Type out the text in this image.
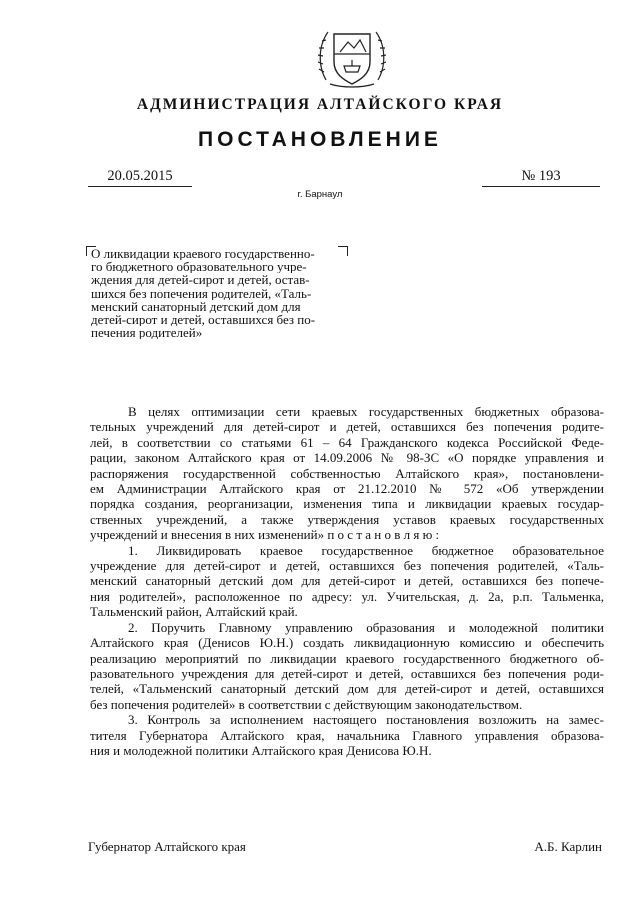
АДМИНИСТРАЦИЯ АЛТАЙСКОГО КРАЯ
ПОСТАНОВЛЕНИЕ
20.05.2015	№ 193
г. Барнаул
О ликвидации краевого государственно-
го бюджетного образовательного учре-
ждения для детей-сирот и детей, остав-
шихся без попечения родителей, «Таль-
менский санаторный детский дом для
детей-сирот и детей, оставшихся без по-
печения родителей»

В целях оптимизации сети краевых государственных бюджетных образова-
тельных учреждений для детей-сирот и детей, оставшихся без попечения родите-
лей, в соответствии со статьями 61 – 64 Гражданского кодекса Российской Феде-
рации, законом Алтайского края от 14.09.2006 № 98-ЗС «О порядке управления и
распоряжения государственной собственностью Алтайского края», постановлени-
ем Администрации Алтайского края от 21.12.2010 № 572 «Об утверждении
порядка создания, реорганизации, изменения типа и ликвидации краевых государ-
ственных учреждений, а также утверждения уставов краевых государственных
учреждений и внесения в них изменений» п о с т а н о в л я ю :

1. Ликвидировать краевое государственное бюджетное образовательное
учреждение для детей-сирот и детей, оставшихся без попечения родителей, «Таль-
менский санаторный детский дом для детей-сирот и детей, оставшихся без попече-
ния родителей», расположенное по адресу: ул. Учительская, д. 2а, р.п. Тальменка,
Тальменский район, Алтайский край.

2. Поручить Главному управлению образования и молодежной политики
Алтайского края (Денисов Ю.Н.) создать ликвидационную комиссию и обеспечить
реализацию мероприятий по ликвидации краевого государственного бюджетного об-
разовательного учреждения для детей-сирот и детей, оставшихся без попечения роди-
телей, «Тальменский санаторный детский дом для детей-сирот и детей, оставшихся
без попечения родителей» в соответствии с действующим законодательством.

3. Контроль за исполнением настоящего постановления возложить на замес-
тителя Губернатора Алтайского края, начальника Главного управления образова-
ния и молодежной политики Алтайского края Денисова Ю.Н.

Губернатор Алтайского края	А.Б. Карлин
